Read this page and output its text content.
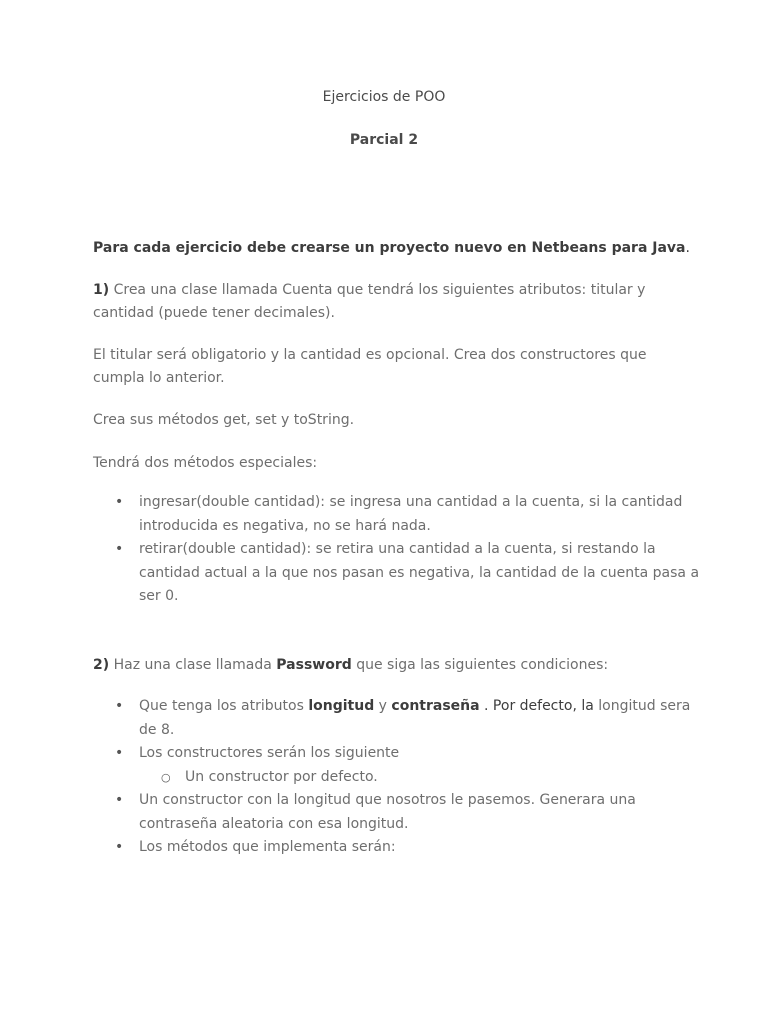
Ejercicios de POO

Parcial 2

Para cada ejercicio debe crearse un proyecto nuevo en Netbeans para Java.

1) Crea una clase llamada Cuenta que tendrá los siguientes atributos: titular y cantidad (puede tener decimales).

El titular será obligatorio y la cantidad es opcional. Crea dos constructores que cumpla lo anterior.

Crea sus métodos get, set y toString.

Tendrá dos métodos especiales:

• ingresar(double cantidad): se ingresa una cantidad a la cuenta, si la cantidad introducida es negativa, no se hará nada.
• retirar(double cantidad): se retira una cantidad a la cuenta, si restando la cantidad actual a la que nos pasan es negativa, la cantidad de la cuenta pasa a ser 0.

2) Haz una clase llamada Password que siga las siguientes condiciones:

• Que tenga los atributos longitud y contraseña . Por defecto, la longitud sera de 8.
• Los constructores serán los siguiente
○ Un constructor por defecto.
• Un constructor con la longitud que nosotros le pasemos. Generara una contraseña aleatoria con esa longitud.
• Los métodos que implementa serán:
